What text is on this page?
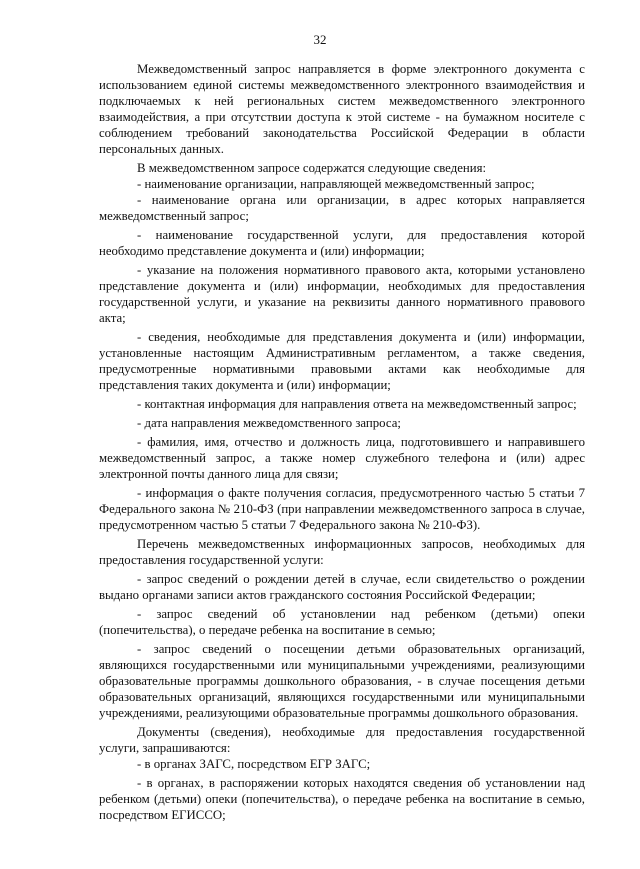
32

Межведомственный запрос направляется в форме электронного документа с использованием единой системы межведомственного электронного взаимодействия и подключаемых к ней региональных систем межведомственного электронного взаимодействия, а при отсутствии доступа к этой системе - на бумажном носителе с соблюдением требований законодательства Российской Федерации в области персональных данных.

В межведомственном запросе содержатся следующие сведения:

- наименование организации, направляющей межведомственный запрос;

- наименование органа или организации, в адрес которых направляется межведомственный запрос;

- наименование государственной услуги, для предоставления которой необходимо представление документа и (или) информации;

- указание на положения нормативного правового акта, которыми установлено представление документа и (или) информации, необходимых для предоставления государственной услуги, и указание на реквизиты данного нормативного правового акта;

- сведения, необходимые для представления документа и (или) информации, установленные настоящим Административным регламентом, а также сведения, предусмотренные нормативными правовыми актами как необходимые для представления таких документа и (или) информации;

- контактная информация для направления ответа на межведомственный запрос;

- дата направления межведомственного запроса;

- фамилия, имя, отчество и должность лица, подготовившего и направившего межведомственный запрос, а также номер служебного телефона и (или) адрес электронной почты данного лица для связи;

- информация о факте получения согласия, предусмотренного частью 5 статьи 7 Федерального закона № 210-ФЗ (при направлении межведомственного запроса в случае, предусмотренном частью 5 статьи 7 Федерального закона № 210-ФЗ).

Перечень межведомственных информационных запросов, необходимых для предоставления государственной услуги:

- запрос сведений о рождении детей в случае, если свидетельство о рождении выдано органами записи актов гражданского состояния Российской Федерации;

- запрос сведений об установлении над ребенком (детьми) опеки (попечительства), о передаче ребенка на воспитание в семью;

- запрос сведений о посещении детьми образовательных организаций, являющихся государственными или муниципальными учреждениями, реализующими образовательные программы дошкольного образования, - в случае посещения детьми образовательных организаций, являющихся государственными или муниципальными учреждениями, реализующими образовательные программы дошкольного образования.

Документы (сведения), необходимые для предоставления государственной услуги, запрашиваются:

- в органах ЗАГС, посредством ЕГР ЗАГС;

- в органах, в распоряжении которых находятся сведения об установлении над ребенком (детьми) опеки (попечительства), о передаче ребенка на воспитание в семью, посредством ЕГИССО;
